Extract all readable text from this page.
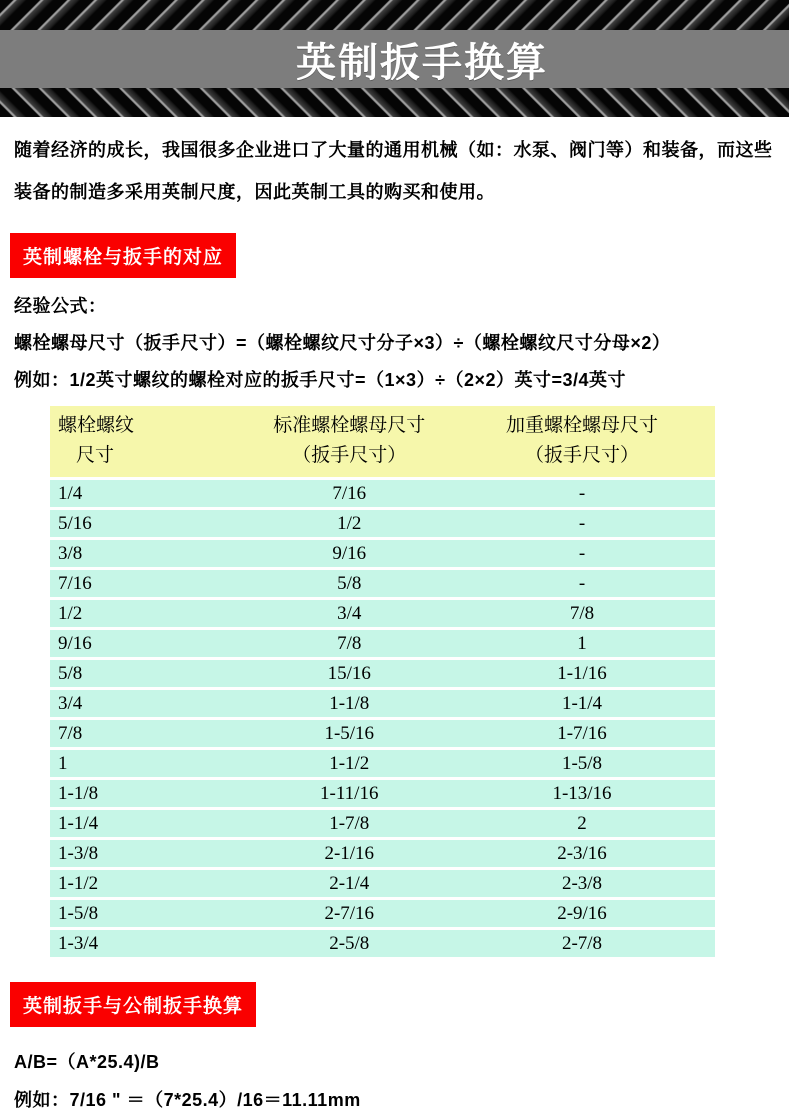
英制扳手换算

随着经济的成长，我国很多企业进口了大量的通用机械（如：水泵、阀门等）和装备，而这些装备的制造多采用英制尺度，因此英制工具的购买和使用。

英制螺栓与扳手的对应
经验公式：
螺栓螺母尺寸（扳手尺寸）=（螺栓螺纹尺寸分子×3）÷（螺栓螺纹尺寸分母×2）
例如：1/2英寸螺纹的螺栓对应的扳手尺寸=（1×3）÷（2×2）英寸=3/4英寸
螺栓螺纹
尺寸

标准螺栓螺母尺寸
（扳手尺寸）

加重螺栓螺母尺寸
（扳手尺寸）

1/4	7/16	-
5/16	1/2	-
3/8	9/16	-
7/16	5/8	-
1/2	3/4	7/8
9/16	7/8	1
5/8	15/16	1-1/16
3/4	1-1/8	1-1/4
7/8	1-5/16	1-7/16
1	1-1/2	1-5/8
1-1/8	1-11/16	1-13/16
1-1/4	1-7/8	2
1-3/8	2-1/16	2-3/16
1-1/2	2-1/4	2-3/8
1-5/8	2-7/16	2-9/16
1-3/4	2-5/8	2-7/8
英制扳手与公制扳手换算
A/B=（A*25.4)/B
例如：7/16 " ＝（7*25.4）/16＝11.11mm
